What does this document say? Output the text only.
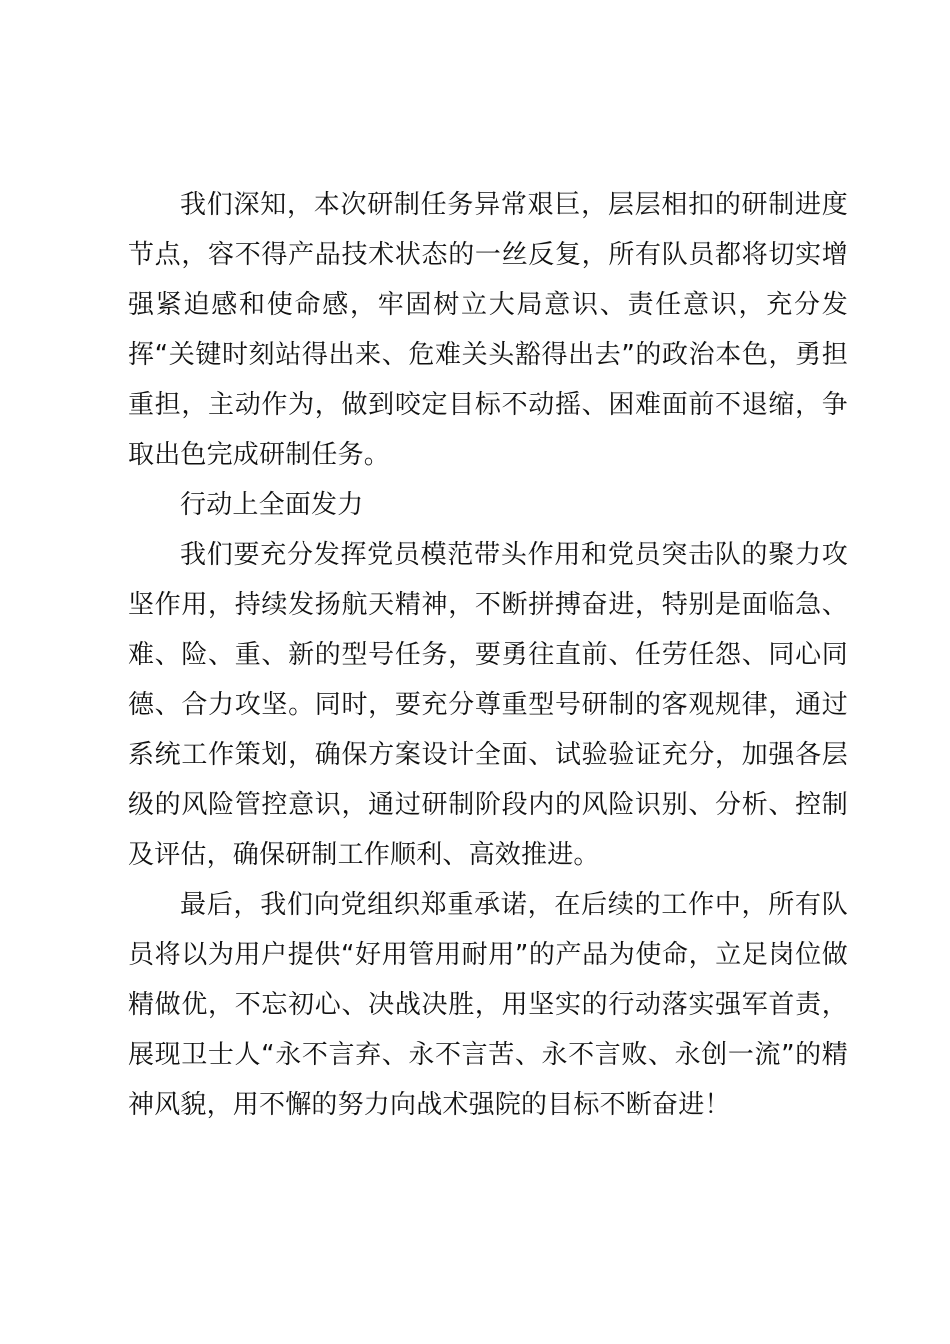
我们深知，本次研制任务异常艰巨，层层相扣的研制进度节点，容不得产品技术状态的一丝反复，所有队员都将切实增强紧迫感和使命感，牢固树立大局意识、责任意识，充分发挥“关键时刻站得出来、危难关头豁得出去”的政治本色，勇担重担，主动作为，做到咬定目标不动摇、困难面前不退缩，争取出色完成研制任务。

行动上全面发力

我们要充分发挥党员模范带头作用和党员突击队的聚力攻坚作用，持续发扬航天精神，不断拼搏奋进，特别是面临急、难、险、重、新的型号任务，要勇往直前、任劳任怨、同心同德、合力攻坚。同时，要充分尊重型号研制的客观规律，通过系统工作策划，确保方案设计全面、试验验证充分，加强各层级的风险管控意识，通过研制阶段内的风险识别、分析、控制及评估，确保研制工作顺利、高效推进。

最后，我们向党组织郑重承诺，在后续的工作中，所有队员将以为用户提供“好用管用耐用”的产品为使命，立足岗位做精做优，不忘初心、决战决胜，用坚实的行动落实强军首责，展现卫士人“永不言弃、永不言苦、永不言败、永创一流”的精神风貌，用不懈的努力向战术强院的目标不断奋进！
